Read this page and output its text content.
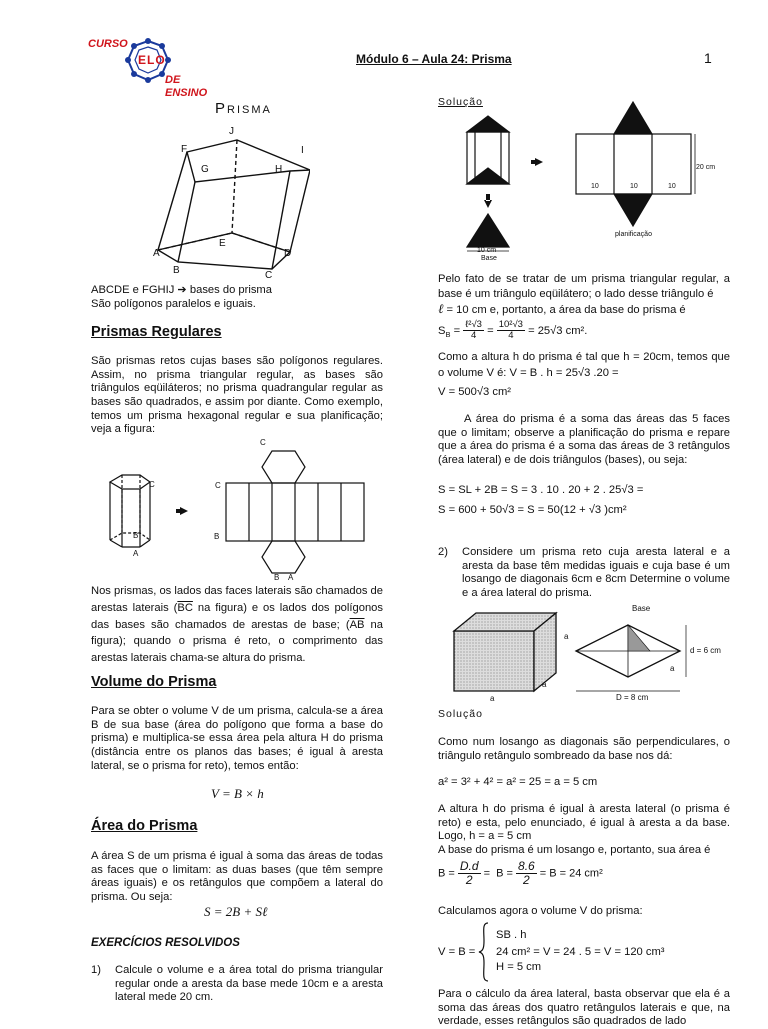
CURSO
ELO
DE ENSINO
Módulo 6 – Aula 24: Prisma	1
Prisma
J
F	I
G	H
A
E
D
B	C
ABCDE e FGHIJ ➔ bases do prisma
São polígonos paralelos e iguais.
Prismas Regulares
São prismas retos cujas bases são polígonos regulares. Assim, no prisma triangular regular, as bases são triângulos eqüiláteros; no prisma quadrangular regular as bases são quadrados, e assim por diante. Como exemplo, temos um prisma hexagonal regular e sua planificação; veja a figura:
C
B
A
C
B
C
B A
Nos prismas, os lados das faces laterais são chamados de arestas laterais ($\overline{BC}$ na figura) e os lados dos polígonos das bases são chamados de arestas de base; ($\overline{AB}$ na figura); quando o prisma é reto, o comprimento das arestas laterais chama-se altura do prisma.
Volume do Prisma
Para se obter o volume V de um prisma, calcula-se a área B de sua base (área do polígono que forma a base do prisma) e multiplica-se essa área pela altura H do prisma (distância entre os planos das bases; é igual à aresta lateral, se o prisma for reto), temos então:
V = B × h
Área do Prisma
A área S de um prisma é igual à soma das áreas de todas as faces que o limitam: as duas bases (que têm sempre áreas iguais) e os retângulos que compõem a lateral do prisma. Ou seja:
S = 2B + Sℓ
EXERCÍCIOS RESOLVIDOS
1) Calcule o volume e a área total do prisma triangular regular onde a aresta da base mede 10cm e a aresta lateral mede 20 cm.
Solução
20 cm
10	10	10
10 cm
Base
planificação
Pelo fato de se tratar de um prisma triangular regular, a base é um triângulo eqüilátero; o lado desse triângulo é
ℓ = 10 cm e, portanto, a área da base do prisma é
$S_B = \frac{\text{ℓ²√3}}{4} = \frac{\text{10²√3}}{4} = 25√3$ cm².
Como a altura h do prisma é tal que h = 20cm, temos que o volume V é: V = B . h = 25√3 .20 =
V = 500√3 cm²
A área do prisma é a soma das áreas das 5 faces que o limitam; observe a planificação do prisma e repare que a área do prisma é a soma das áreas de 3 retângulos (área lateral) e de dois triângulos (bases), ou seja:
S = SL + 2B = S = 3 . 10 . 20 + 2 . 25√3 =
S = 600 + 50√3 = S = 50(12 + √3 )cm²
2) Considere um prisma reto cuja aresta lateral e a aresta da base têm medidas iguais e cuja base é um losango de diagonais 6cm e 8cm Determine o volume e a área lateral do prisma.
Base
a
a
a
a
d = 6 cm
D = 8 cm
Solução
Como num losango as diagonais são perpendiculares, o triângulo retângulo sombreado da base nos dá:
a² = 3² + 4² = a² = 25 = a = 5 cm
A altura h do prisma é igual à aresta lateral (o prisma é reto) e esta, pelo enunciado, é igual à aresta a da base. Logo, h = a = 5 cm
A base do prisma é um losango e, portanto, sua área é
$B = \frac{D.d}{2} = B = \frac{8.6}{2} = B = 24$ cm²
Calculamos agora o volume V do prisma:
V = B =
SB . h
24 cm² = V = 24 . 5 = V = 120 cm³
H = 5 cm
Para o cálculo da área lateral, basta observar que ela é a soma das áreas dos quatro retângulos laterais e que, na verdade, esses retângulos são quadrados de lado
